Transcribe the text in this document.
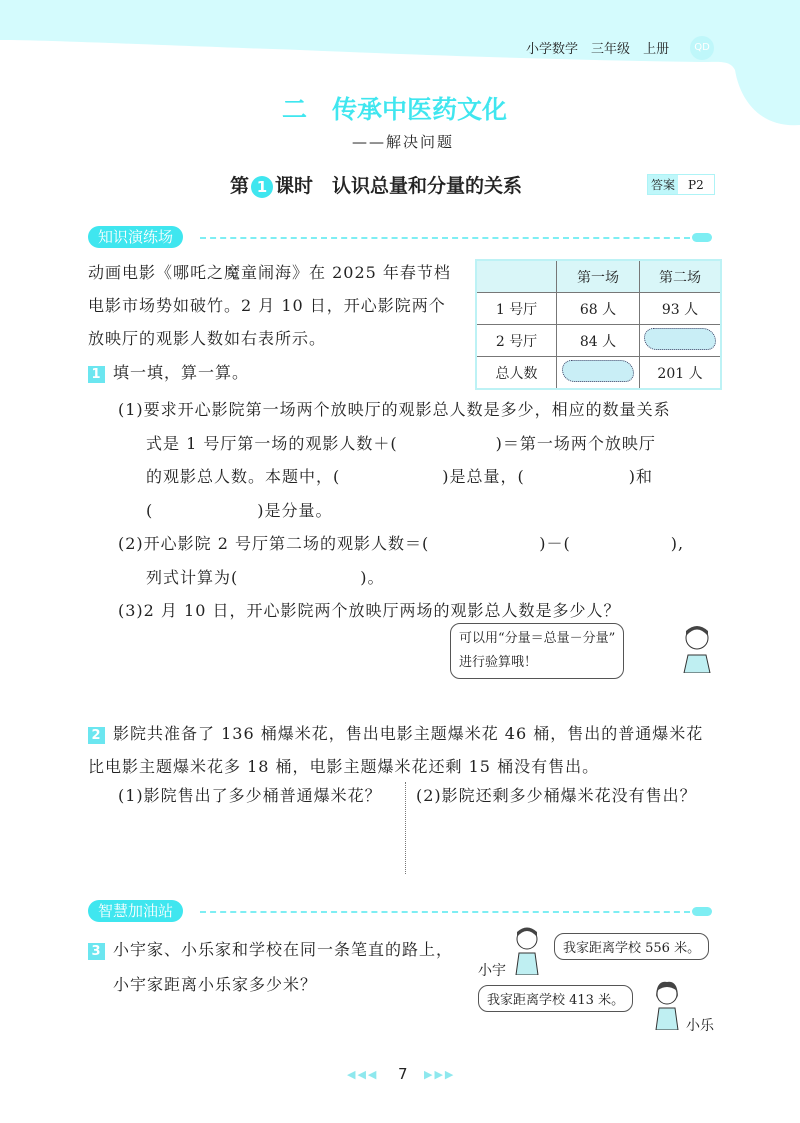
小学数学　 三年级　 上册	QD
二　传承中医药文化
——解决问题
第 1 课时　认识总量和分量的关系	答案 P2
知识演练场
动画电影《哪吒之魔童闹海》在 2025 年春节档
电影市场势如破竹。2 月 10 日，开心影院两个
放映厅的观影人数如右表所示。
	第一场	第二场
1 号厅	68 人	93 人
2 号厅	84 人	
总人数		201 人
1 填一填，算一算。
(1)要求开心影院第一场两个放映厅的观影总人数是多少，相应的数量关系
式是 1 号厅第一场的观影人数＋(	)＝第一场两个放映厅
的观影总人数。本题中，(	)是总量，(	)和
(	)是分量。
(2)开心影院 2 号厅第二场的观影人数＝(	)－(	),
列式计算为(	)。
(3)2 月 10 日，开心影院两个放映厅两场的观影总人数是多少人？
可以用“分量＝总量－分量”
进行验算哦！
2 影院共准备了 136 桶爆米花，售出电影主题爆米花 46 桶，售出的普通爆米花
比电影主题爆米花多 18 桶，电影主题爆米花还剩 15 桶没有售出。
(1)影院售出了多少桶普通爆米花？ (2)影院还剩多少桶爆米花没有售出？
智慧加油站
3 小宇家、小乐家和学校在同一条笔直的路上，
小宇家距离小乐家多少米？
我家距离学校 556 米。
小宇
我家距离学校 413 米。
小乐
◀◀◀ 7 ▶▶▶
